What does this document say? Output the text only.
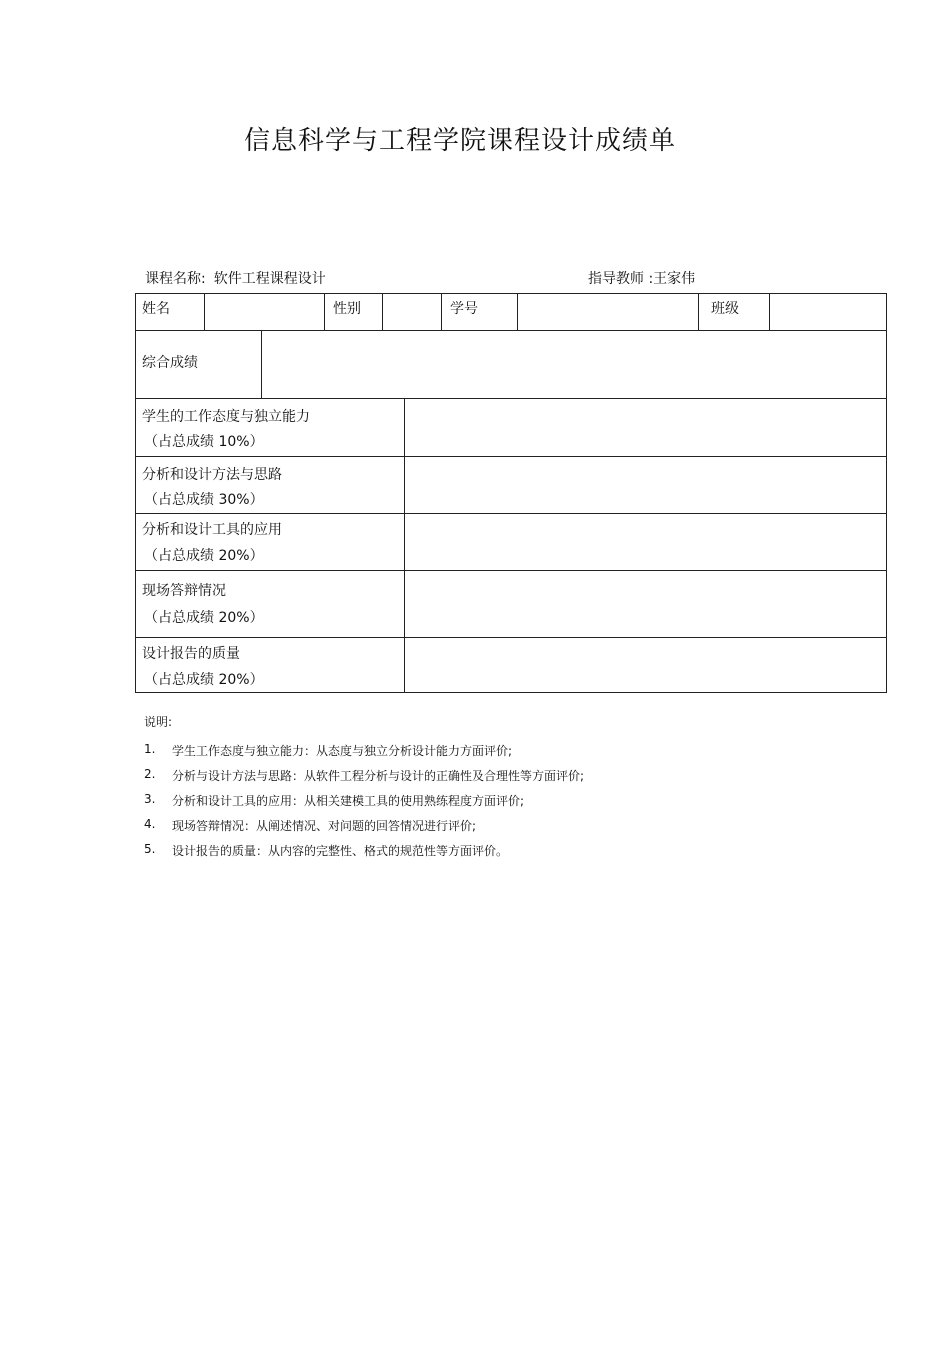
信息科学与工程学院课程设计成绩单
课程名称: 软件工程课程设计	指导教师 :王家伟
姓名	性别	学号	班级
综合成绩
学生的工作态度与独立能力
（占总成绩 10%）
分析和设计方法与思路
（占总成绩 30%）
分析和设计工具的应用
（占总成绩 20%）
现场答辩情况
（占总成绩 20%）
设计报告的质量
（占总成绩 20%）
说明:
1.	学生工作态度与独立能力：从态度与独立分析设计能力方面评价;
2.	分析与设计方法与思路：从软件工程分析与设计的正确性及合理性等方面评价;
3.	分析和设计工具的应用：从相关建模工具的使用熟练程度方面评价;
4.	现场答辩情况：从阐述情况、对问题的回答情况进行评价;
5.	设计报告的质量：从内容的完整性、格式的规范性等方面评价。
